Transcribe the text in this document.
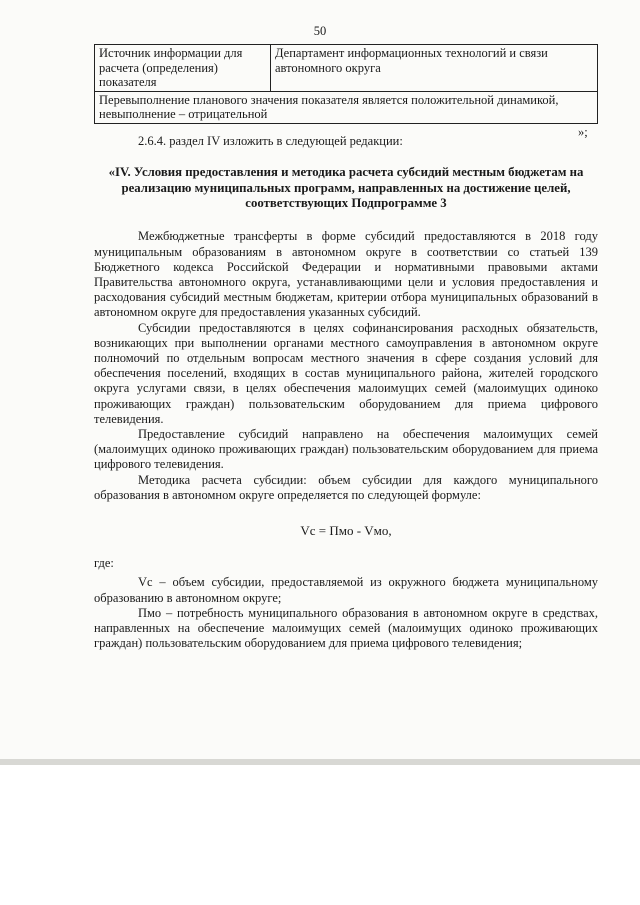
50
Источник информации для расчета (определения) показателя	Департамент информационных технологий и связи автономного округа
Перевыполнение планового значения показателя является положительной динамикой, невыполнение – отрицательной
»;

2.6.4. раздел IV изложить в следующей редакции:

«IV. Условия предоставления и методика расчета субсидий местным бюджетам на реализацию муниципальных программ, направленных на достижение целей, соответствующих Подпрограмме 3

Межбюджетные трансферты в форме субсидий предоставляются в 2018 году муниципальным образованиям в автономном округе в соответствии со статьей 139 Бюджетного кодекса Российской Федерации и нормативными правовыми актами Правительства автономного округа, устанавливающими цели и условия предоставления и расходования субсидий местным бюджетам, критерии отбора муниципальных образований в автономном округе для предоставления указанных субсидий.

Субсидии предоставляются в целях софинансирования расходных обязательств, возникающих при выполнении органами местного самоуправления в автономном округе полномочий по отдельным вопросам местного значения в сфере создания условий для обеспечения поселений, входящих в состав муниципального района, жителей городского округа услугами связи, в целях обеспечения малоимущих семей (малоимущих одиноко проживающих граждан) пользовательским оборудованием для приема цифрового телевидения.

Предоставление субсидий направлено на обеспечения малоимущих семей (малоимущих одиноко проживающих граждан) пользовательским оборудованием для приема цифрового телевидения.

Методика расчета субсидии: объем субсидии для каждого муниципального образования в автономном округе определяется по следующей формуле:

Vс = Пмо - Vмо,

где:

Vс – объем субсидии, предоставляемой из окружного бюджета муниципальному образованию в автономном округе;

Пмо – потребность муниципального образования в автономном округе в средствах, направленных на обеспечение малоимущих семей (малоимущих одиноко проживающих граждан) пользовательским оборудованием для приема цифрового телевидения;
